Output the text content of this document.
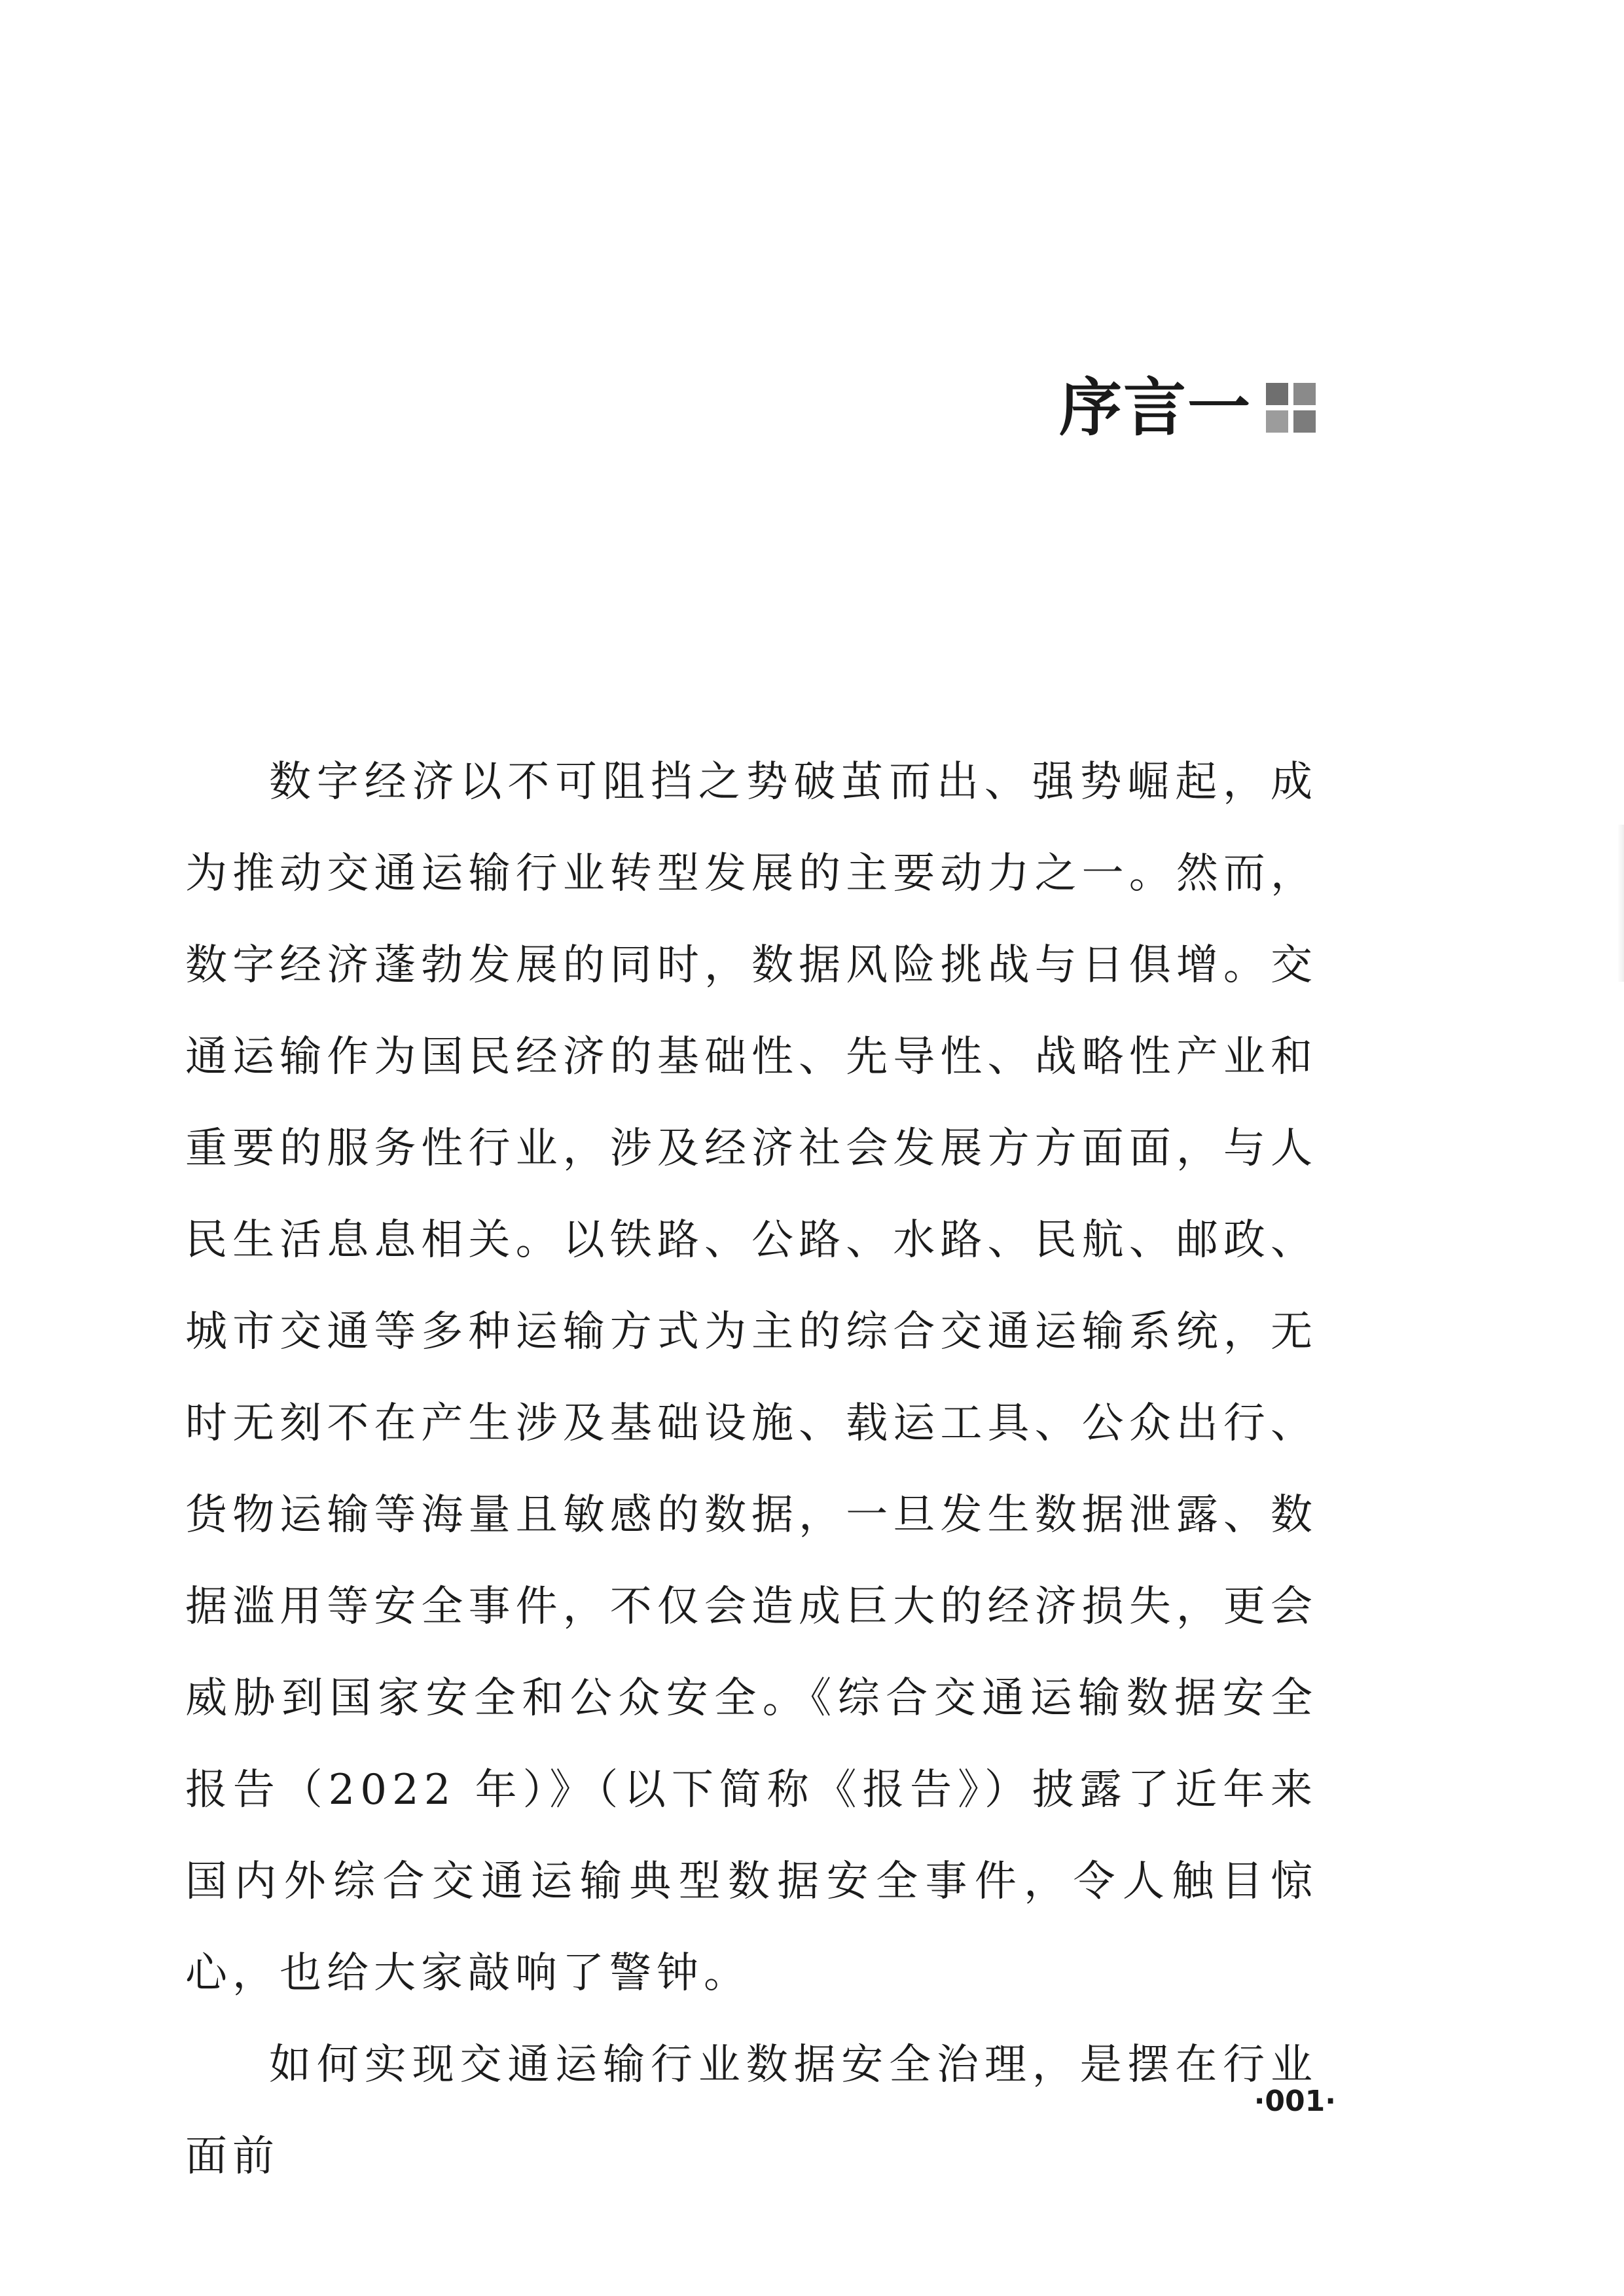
序言一

数字经济以不可阻挡之势破茧而出、强势崛起，成为推动交通运输行业转型发展的主要动力之一。然而，数字经济蓬勃发展的同时，数据风险挑战与日俱增。交通运输作为国民经济的基础性、先导性、战略性产业和重要的服务性行业，涉及经济社会发展方方面面，与人民生活息息相关。以铁路、公路、水路、民航、邮政、城市交通等多种运输方式为主的综合交通运输系统，无时无刻不在产生涉及基础设施、载运工具、公众出行、货物运输等海量且敏感的数据，一旦发生数据泄露、数据滥用等安全事件，不仅会造成巨大的经济损失，更会威胁到国家安全和公众安全。《综合交通运输数据安全报告（2022 年）》（以下简称《报告》）披露了近年来国内外综合交通运输典型数据安全事件，令人触目惊心，也给大家敲响了警钟。

如何实现交通运输行业数据安全治理，是摆在行业面前

·001·
